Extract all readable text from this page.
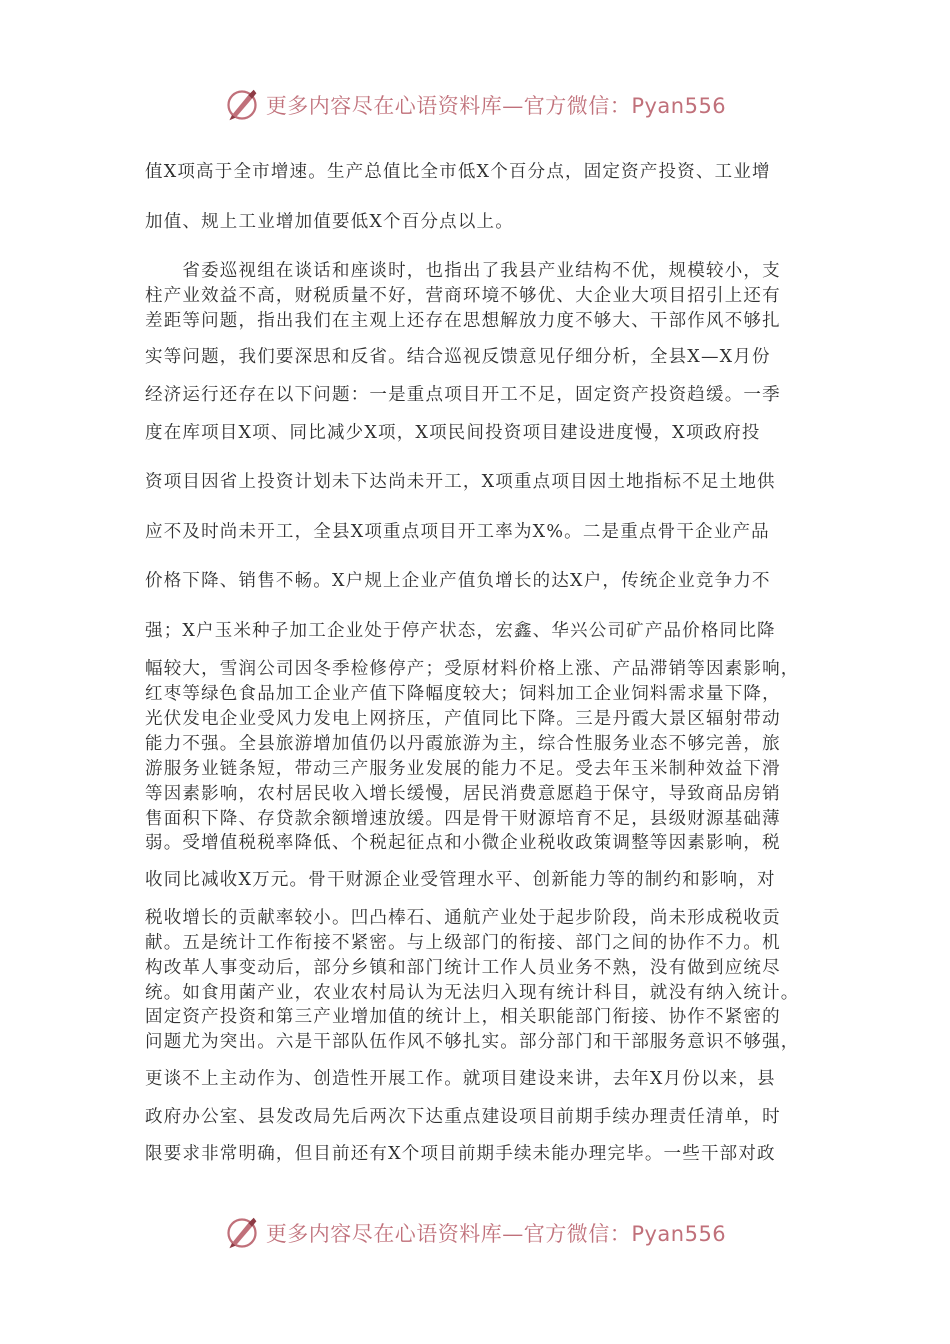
更多内容尽在心语资料库—官方微信：Pyan556
值X项高于全市增速。生产总值比全市低X个百分点，固定资产投资、工业增
加值、规上工业增加值要低X个百分点以上。
　　省委巡视组在谈话和座谈时，也指出了我县产业结构不优，规模较小，支
柱产业效益不高，财税质量不好，营商环境不够优、大企业大项目招引上还有
差距等问题，指出我们在主观上还存在思想解放力度不够大、干部作风不够扎
实等问题，我们要深思和反省。结合巡视反馈意见仔细分析，全县X—X月份
经济运行还存在以下问题：一是重点项目开工不足，固定资产投资趋缓。一季
度在库项目X项、同比减少X项，X项民间投资项目建设进度慢，X项政府投
资项目因省上投资计划未下达尚未开工，X项重点项目因土地指标不足土地供
应不及时尚未开工，全县X项重点项目开工率为X%。二是重点骨干企业产品
价格下降、销售不畅。X户规上企业产值负增长的达X户，传统企业竞争力不
强；X户玉米种子加工企业处于停产状态，宏鑫、华兴公司矿产品价格同比降
幅较大，雪润公司因冬季检修停产；受原材料价格上涨、产品滞销等因素影响，
红枣等绿色食品加工企业产值下降幅度较大；饲料加工企业饲料需求量下降，
光伏发电企业受风力发电上网挤压，产值同比下降。三是丹霞大景区辐射带动
能力不强。全县旅游增加值仍以丹霞旅游为主，综合性服务业态不够完善，旅
游服务业链条短，带动三产服务业发展的能力不足。受去年玉米制种效益下滑
等因素影响，农村居民收入增长缓慢，居民消费意愿趋于保守，导致商品房销
售面积下降、存贷款余额增速放缓。四是骨干财源培育不足，县级财源基础薄
弱。受增值税税率降低、个税起征点和小微企业税收政策调整等因素影响，税
收同比减收X万元。骨干财源企业受管理水平、创新能力等的制约和影响，对
税收增长的贡献率较小。凹凸棒石、通航产业处于起步阶段，尚未形成税收贡
献。五是统计工作衔接不紧密。与上级部门的衔接、部门之间的协作不力。机
构改革人事变动后，部分乡镇和部门统计工作人员业务不熟，没有做到应统尽
统。如食用菌产业，农业农村局认为无法归入现有统计科目，就没有纳入统计。
固定资产投资和第三产业增加值的统计上，相关职能部门衔接、协作不紧密的
问题尤为突出。六是干部队伍作风不够扎实。部分部门和干部服务意识不够强，
更谈不上主动作为、创造性开展工作。就项目建设来讲，去年X月份以来，县
政府办公室、县发改局先后两次下达重点建设项目前期手续办理责任清单，时
限要求非常明确，但目前还有X个项目前期手续未能办理完毕。一些干部对政
更多内容尽在心语资料库—官方微信：Pyan556
